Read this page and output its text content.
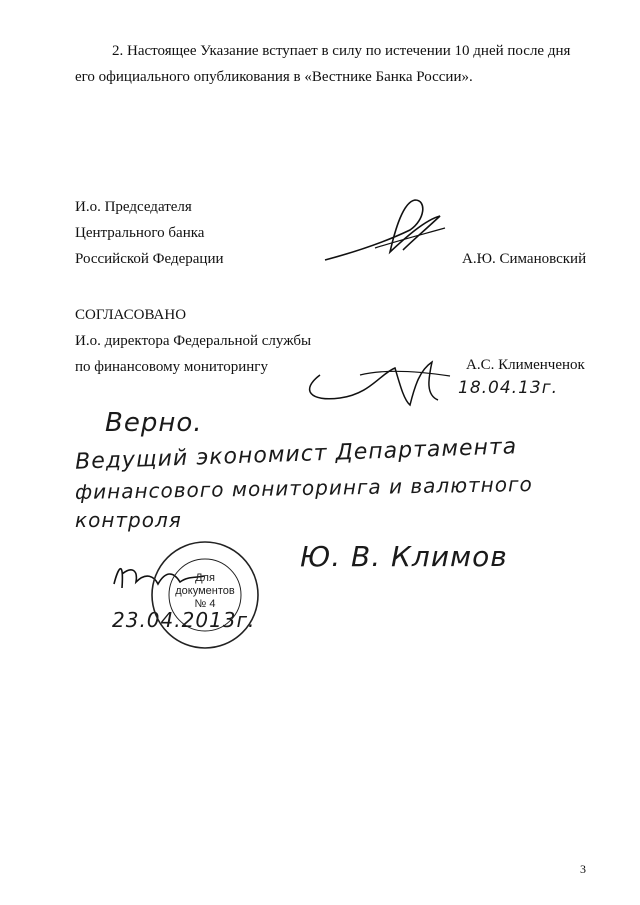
2. Настоящее Указание вступает в силу по истечении 10 дней после дня
его официального опубликования в «Вестнике Банка России».
И.о. Председателя
Центрального банка
Российской Федерации	А.Ю. Симановский
СОГЛАСОВАНО
И.о. директора Федеральной службы
по финансовому мониторингу	А.С. Клименченок
18.04.13г.
Верно.
Ведущий экономист Департамента
финансового мониторинга и валютного
контроля
Ю. В. Климов
23.04.2013г.
Для
документов
№ 4
3
